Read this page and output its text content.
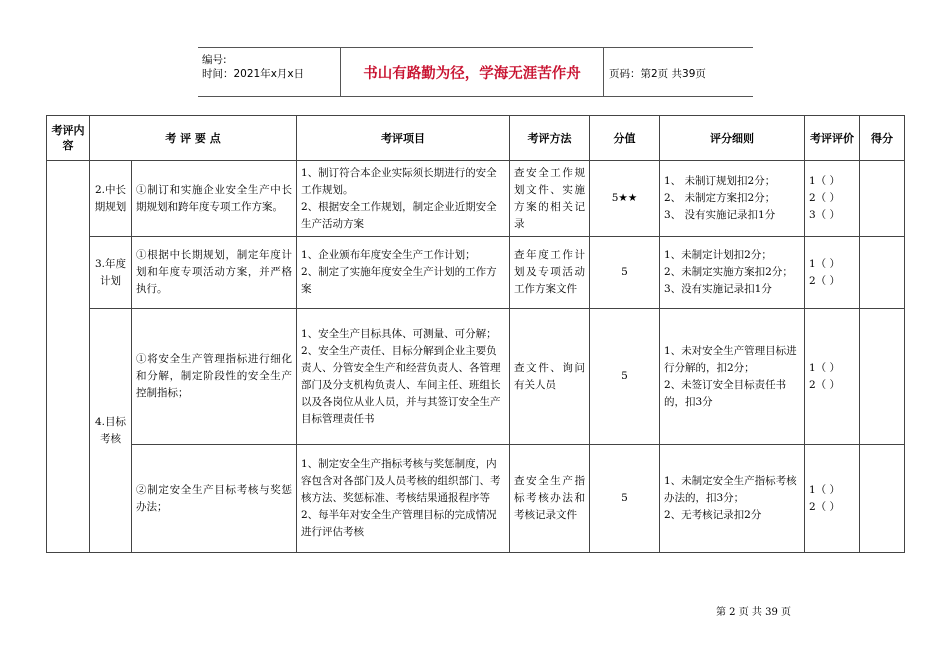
编号:
时间：2021年x月x日	书山有路勤为径，学海无涯苦作舟	页码：第2页 共39页
考评内容	考 评 要 点		考评项目	考评方法	分值	评分细则	考评评价	得分
	2.中长期规划	①制订和实施企业安全生产中长期规划和跨年度专项工作方案。	1、制订符合本企业实际须长期进行的安全工作规划。
2、根据安全工作规划，制定企业近期安全生产活动方案	查安全工作规划文件、实施方案的相关记录	5★★	1、 未制订规划扣2分；
2、 未制定方案扣2分；
3、 没有实施记录扣1分	1（ ）
2（ ）
3（ ）	
	3.年度计划	①根据中长期规划，制定年度计划和年度专项活动方案，并严格执行。	1、企业颁布年度安全生产工作计划；
2、制定了实施年度安全生产计划的工作方案	查年度工作计划及专项活动工作方案文件	5	1、未制定计划扣2分；
2、未制定实施方案扣2分；
3、没有实施记录扣1分	1（ ）
2（ ）	
	4.目标考核	①将安全生产管理指标进行细化和分解，制定阶段性的安全生产控制指标；	1、安全生产目标具体、可测量、可分解；
2、安全生产责任、目标分解到企业主要负责人、分管安全生产和经营负责人、各管理部门及分支机构负责人、车间主任、班组长以及各岗位从业人员，并与其签订安全生产目标管理责任书	查文件、询问有关人员	5	1、未对安全生产管理目标进行分解的，扣2分；
2、未签订安全目标责任书的，扣3分	1（ ）
2（ ）	
		②制定安全生产目标考核与奖惩办法；	1、制定安全生产指标考核与奖惩制度，内容包含对各部门及人员考核的组织部门、考核方法、奖惩标准、考核结果通报程序等
2、每半年对安全生产管理目标的完成情况进行评估考核	查安全生产指标考核办法和考核记录文件	5	1、未制定安全生产指标考核办法的，扣3分；
2、无考核记录扣2分	1（ ）
2（ ）	
第 2 页 共 39 页
